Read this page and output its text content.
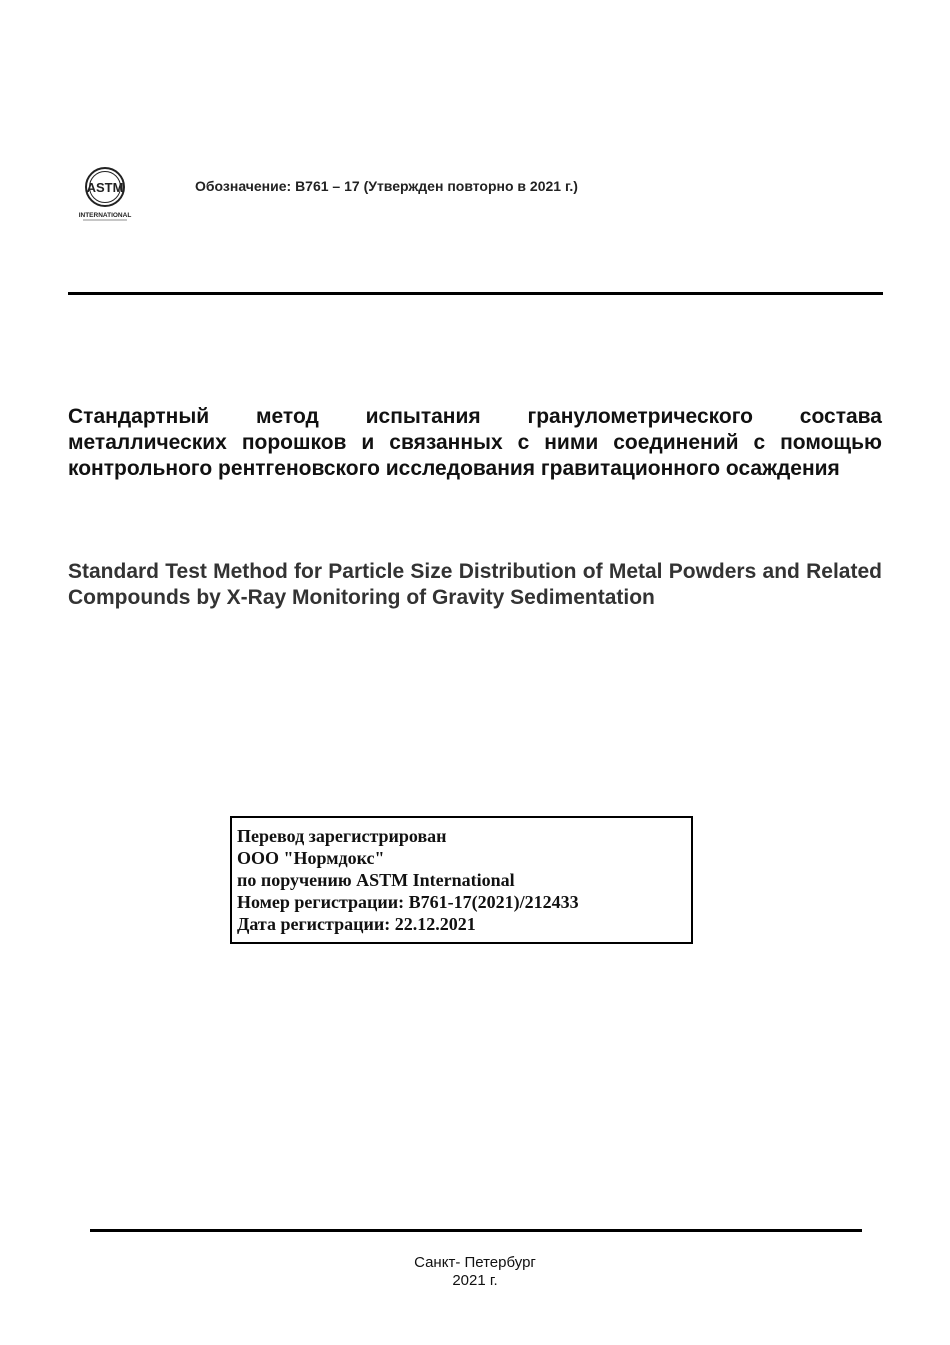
ASTM
INTERNATIONAL
Обозначение: B761 – 17 (Утвержден повторно в 2021 г.)
Стандартный метод испытания гранулометрического состава металлических порошков и связанных с ними соединений с помощью контрольного рентгеновского исследования гравитационного осаждения
Standard Test Method for Particle Size Distribution of Metal Powders and Related Compounds by X-Ray Monitoring of Gravity Sedimentation
Перевод зарегистрирован
ООО "Нормдокс"
по поручению ASTM International
Номер регистрации: B761-17(2021)/212433
Дата регистрации: 22.12.2021
Санкт- Петербург
2021 г.
